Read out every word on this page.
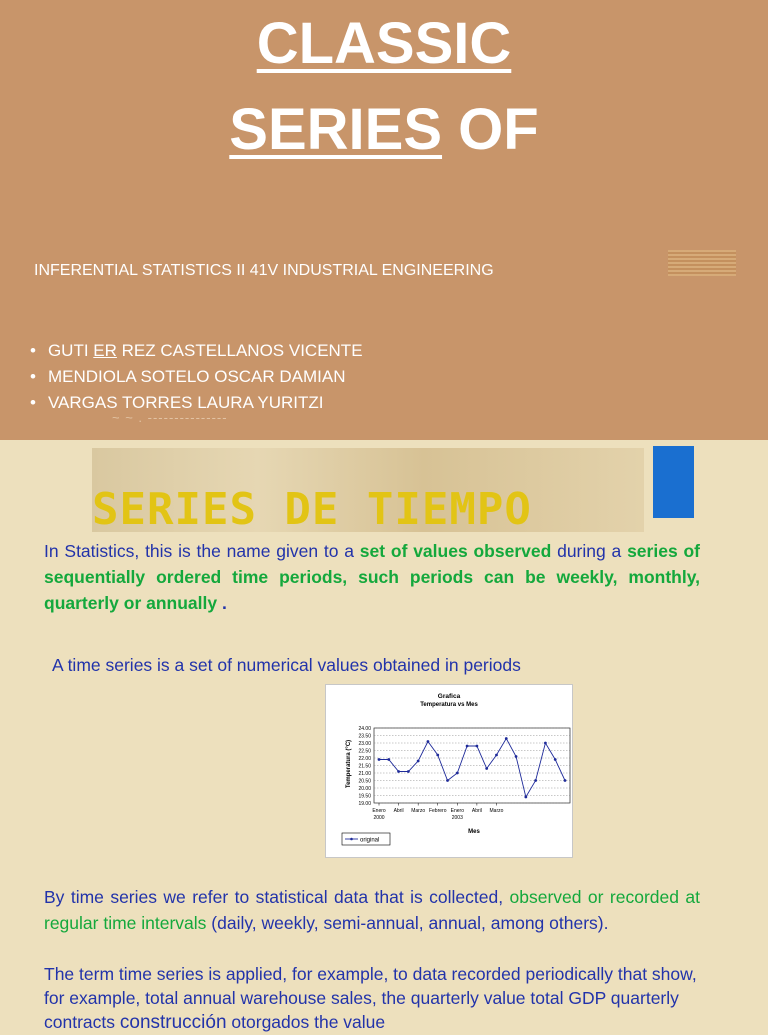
CLASSIC
SERIES OF
INFERENTIAL STATISTICS II 41V INDUSTRIAL ENGINEERING
• GUTI ER REZ CASTELLANOS VICENTE
• MENDIOLA SOTELO OSCAR DAMIAN
• VARGAS TORRES LAURA YURITZI
~ ~ . ---------------
SERIES DE TIEMPO
In Statistics, this is the name given to a set of values observed during a series of sequentially ordered time periods, such periods can be weekly, monthly, quarterly or annually .
A time series is a set of numerical values obtained in periods
Grafica
Temperatura vs Mes
Mes
Temperatura (°C)
24.00
23.50
23.00
22.50
22.00
21.50
21.00
20.50
20.00
19.50
19.00
Enero
2000
Abril Marzo Febrero Enero
2003
Abril Marzo
original
By time series we refer to statistical data that is collected, observed or recorded at regular time intervals (daily, weekly, semi-annual, annual, among others).
The term time series is applied, for example, to data recorded periodically that show, for example, total annual warehouse sales, the quarterly value total GDP quarterly contracts construcción otorgados the value
